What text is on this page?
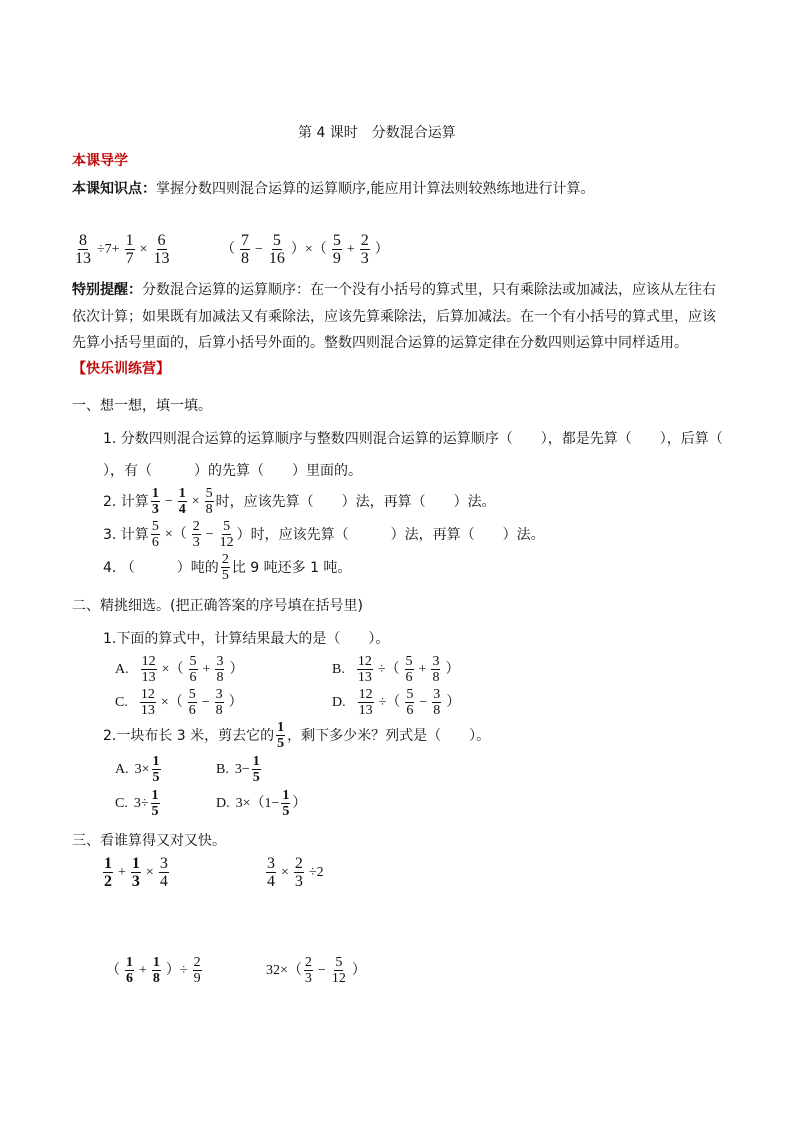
第 4 课时　分数混合运算
本课导学
本课知识点：掌握分数四则混合运算的运算顺序,能应用计算法则较熟练地进行计算。
$\frac{8}{13} \div 7+ \frac{1}{7} \times \frac{6}{13}$	（ $\frac{7}{8} - \frac{5}{16}$ ）×（ $\frac{5}{9} + \frac{2}{3}$ ）
特别提醒：分数混合运算的运算顺序：在一个没有小括号的算式里，只有乘除法或加减法，应该从左往右
依次计算；如果既有加减法又有乘除法，应该先算乘除法，后算加减法。在一个有小括号的算式里，应该
先算小括号里面的，后算小括号外面的。整数四则混合运算的运算定律在分数四则运算中同样适用。
【快乐训练营】
一、想一想，填一填。
1. 分数四则混合运算的运算顺序与整数四则混合运算的运算顺序（　　），都是先算（　　），后算（
），有（　　　）的先算（　　）里面的。
2. 计算 $\frac{1}{3} - \frac{1}{4} \times \frac{5}{8}$ 时，应该先算（　　）法，再算（　　）法。
3. 计算 $\frac{5}{6}$ ×（ $\frac{2}{3} - \frac{5}{12}$ ）时，应该先算（　　　）法，再算（　　）法。
4. （　　　）吨的 $\frac{2}{5}$ 比 9 吨还多 1 吨。
二、精挑细选。(把正确答案的序号填在括号里)
1.下面的算式中，计算结果最大的是（　　）。
A. $\frac{12}{13}$ ×（ $\frac{5}{6} + \frac{3}{8}$ ）	B. $\frac{12}{13}$ ÷（ $\frac{5}{6} + \frac{3}{8}$ ）
C. $\frac{12}{13}$ ×（ $\frac{5}{6} - \frac{3}{8}$ ）	D. $\frac{12}{13}$ ÷（ $\frac{5}{6} - \frac{3}{8}$ ）
2.一块布长 3 米，剪去它的 $\frac{1}{5}$ ，剩下多少米？列式是（　　）。
A. $3\times \frac{1}{5}$	B. $3- \frac{1}{5}$
C. $3\div \frac{1}{5}$	D. $3\times(1- \frac{1}{5}$ ）
三、看谁算得又对又快。
$\frac{1}{2} + \frac{1}{3} \times \frac{3}{4}$	$\frac{3}{4} \times \frac{2}{3} \div 2$
（ $\frac{1}{6} + \frac{1}{8}$ ）÷ $\frac{2}{9}$	$32\times( \frac{2}{3} - \frac{5}{12}$ ）
